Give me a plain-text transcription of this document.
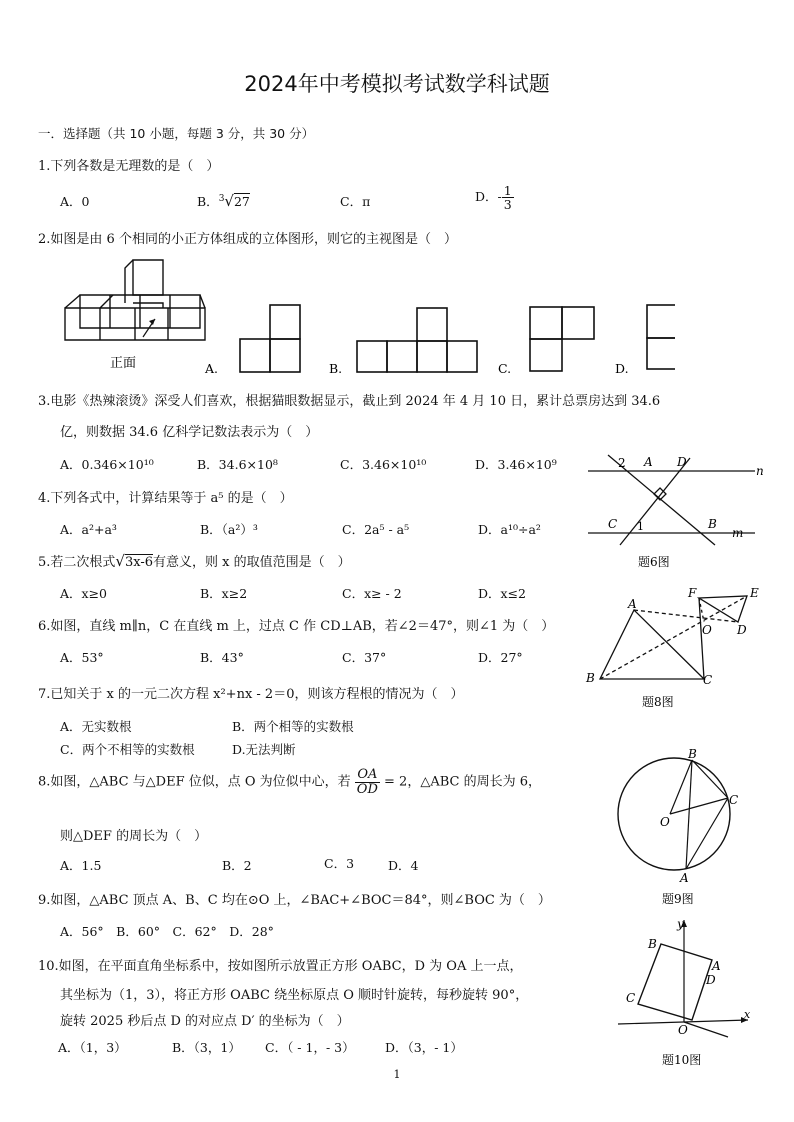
2024年中考模拟考试数学科试题
一．选择题（共 10 小题，每题 3 分，共 30 分）
1.下列各数是无理数的是（　）
A．0	B．$^3$√27	C．π	D．- $\frac{1}{3}$
2.如图是由 6 个相同的小正方体组成的立体图形，则它的主视图是（　）
正面	A.	B.	C.	D.
3.电影《热辣滚烫》深受人们喜欢，根据猫眼数据显示，截止到 2024 年 4 月 10 日，累计总票房达到 34.6
亿，则数据 34.6 亿科学记数法表示为（　）
A．0.346×10¹⁰	B．34.6×10⁸	C．3.46×10¹⁰	D．3.46×10⁹
4.下列各式中，计算结果等于 a⁵ 的是（　）
A．a²+a³	B．（a²）³	C．2a⁵ - a⁵	D．a¹⁰÷a²
5.若二次根式√3x-6有意义，则 x 的取值范围是（　）
A．x≥0	B．x≥2	C．x≥ - 2	D．x≤2
6.如图，直线 m∥n，C 在直线 m 上，过点 C 作 CD⊥AB，若∠2＝47°，则∠1 为（　）
A．53°	B．43°	C．37°	D．27°
7.已知关于 x 的一元二次方程 x²+nx - 2＝0，则该方程根的情况为（　）
A．无实数根	B．两个相等的实数根
C．两个不相等的实数根	D.无法判断
8.如图，△ABC 与△DEF 位似，点 O 为位似中心，若 $\frac{OA}{OD} = 2$，△ABC 的周长为 6，
则△DEF 的周长为（　）
A．1.5	B．2	C．3	D．4
9.如图，△ABC 顶点 A、B、C 均在⊙O 上，∠BAC+∠BOC＝84°，则∠BOC 为（　）
A．56°　B．60°　C．62°　D．28°
10.如图，在平面直角坐标系中，按如图所示放置正方形 OABC，D 为 OA 上一点，
其坐标为（1，3），将正方形 OABC 绕坐标原点 O 顺时针旋转，每秒旋转 90°，
旋转 2025 秒后点 D 的对应点 D′ 的坐标为（　）
A．（1，3）	B．（3，1） C．（ - 1，- 3） D．（3，- 1）
2 A D
n
C 1	B
m
题6图
A
F	E
O D
B	C
题8图
B
C
O
A
题9图
y
B
A
D
C
O
x
题10图
1
